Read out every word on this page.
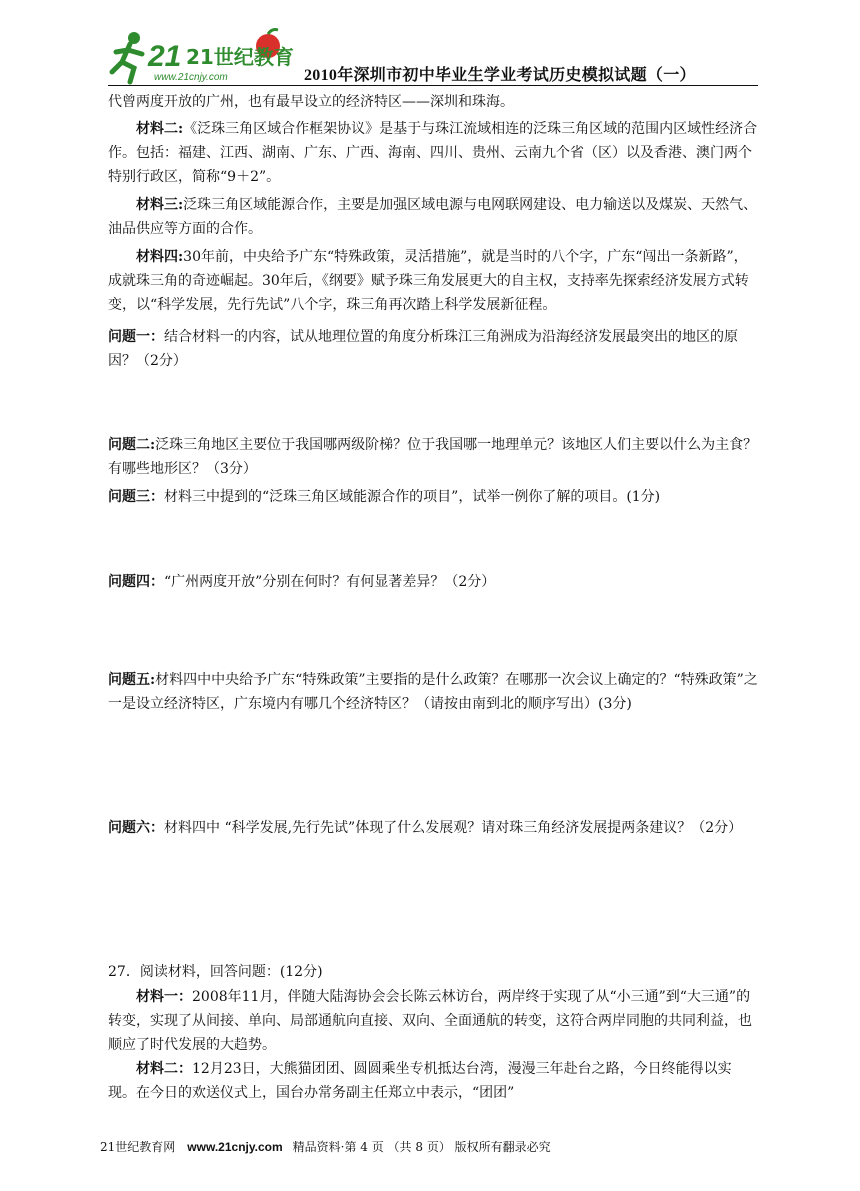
21 21世纪教育
www.21cnjy.com	2010年深圳市初中毕业生学业考试历史模拟试题（一）

代曾两度开放的广州，也有最早设立的经济特区——深圳和珠海。

材料二:《泛珠三角区域合作框架协议》是基于与珠江流域相连的泛珠三角区域的范围内区域性经济合作。包括：福建、江西、湖南、广东、广西、海南、四川、贵州、云南九个省（区）以及香港、澳门两个特别行政区，简称“9＋2”。

材料三:泛珠三角区域能源合作，主要是加强区域电源与电网联网建设、电力输送以及煤炭、天然气、油品供应等方面的合作。

材料四:30年前，中央给予广东“特殊政策，灵活措施”，就是当时的八个字，广东“闯出一条新路”，成就珠三角的奇迹崛起。30年后，《纲要》赋予珠三角发展更大的自主权，支持率先探索经济发展方式转变，以“科学发展，先行先试”八个字，珠三角再次踏上科学发展新征程。

问题一：结合材料一的内容，试从地理位置的角度分析珠江三角洲成为沿海经济发展最突出的地区的原因？（2分）

问题二:泛珠三角地区主要位于我国哪两级阶梯？位于我国哪一地理单元？该地区人们主要以什么为主食？有哪些地形区？（3分）

问题三：材料三中提到的“泛珠三角区域能源合作的项目”，试举一例你了解的项目。(1分)

问题四：“广州两度开放”分别在何时？有何显著差异？（2分）

问题五:材料四中中央给予广东“特殊政策”主要指的是什么政策？在哪那一次会议上确定的？“特殊政策”之一是设立经济特区，广东境内有哪几个经济特区？（请按由南到北的顺序写出）(3分)

问题六：材料四中 “科学发展,先行先试”体现了什么发展观？请对珠三角经济发展提两条建议？（2分）

27．阅读材料，回答问题：(12分)

材料一：2008年11月，伴随大陆海协会会长陈云林访台，两岸终于实现了从“小三通”到“大三通”的转变，实现了从间接、单向、局部通航向直接、双向、全面通航的转变，这符合两岸同胞的共同利益，也顺应了时代发展的大趋势。

材料二：12月23日，大熊猫团团、圆圆乘坐专机抵达台湾，漫漫三年赴台之路，今日终能得以实现。在今日的欢送仪式上，国台办常务副主任郑立中表示，“团团”

21世纪教育网 www.21cnjy.com 精品资料·第 4 页 （共 8 页） 版权所有翻录必究
